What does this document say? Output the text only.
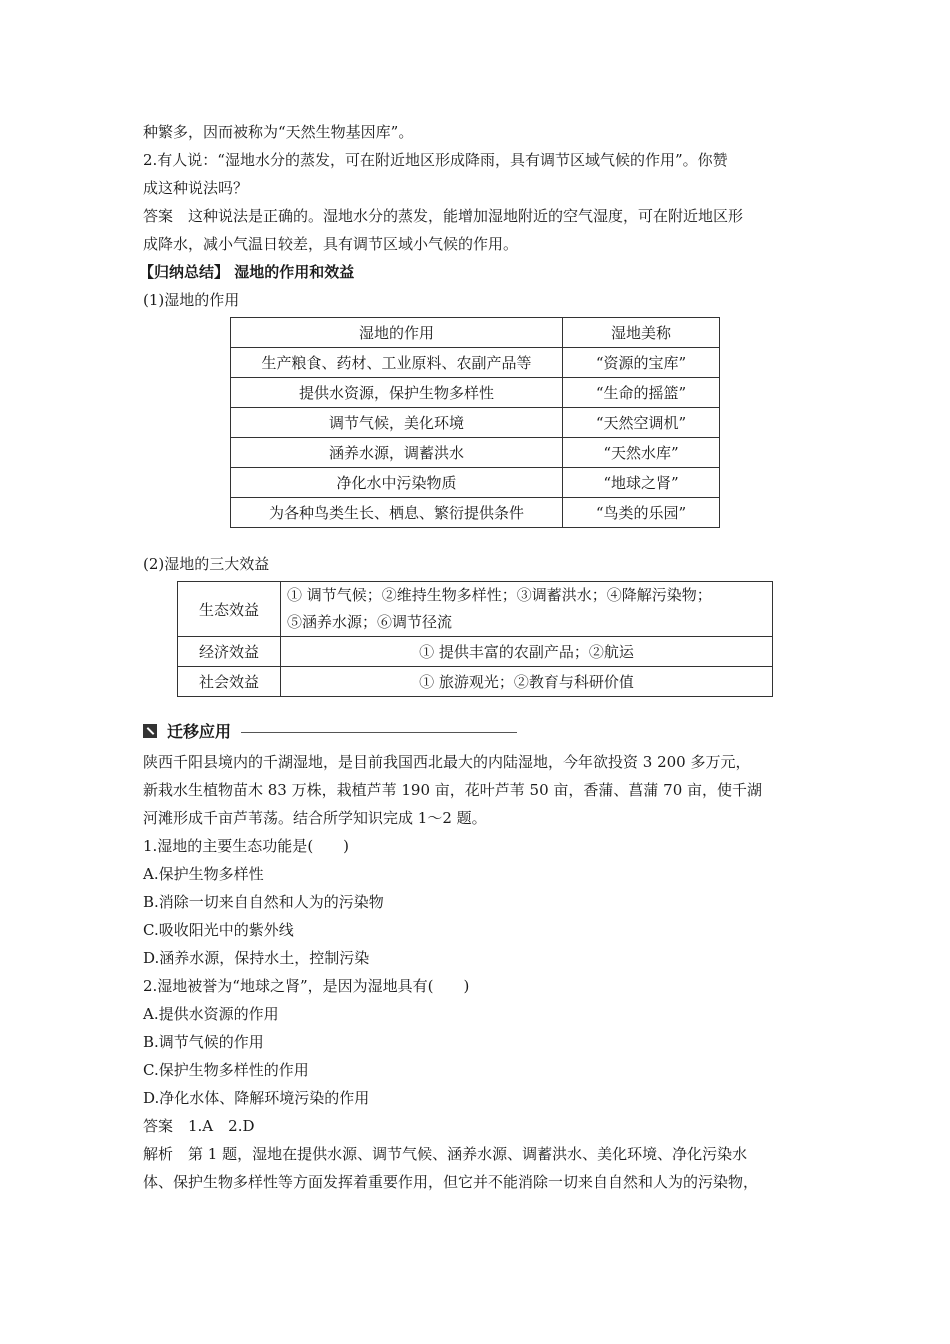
种繁多，因而被称为“天然生物基因库”。

2.有人说：“湿地水分的蒸发，可在附近地区形成降雨，具有调节区域气候的作用”。你赞

成这种说法吗？

答案　这种说法是正确的。湿地水分的蒸发，能增加湿地附近的空气湿度，可在附近地区形

成降水，减小气温日较差，具有调节区域小气候的作用。

【归纳总结】 湿地的作用和效益

(1)湿地的作用

湿地的作用	湿地美称
生产粮食、药材、工业原料、农副产品等	“资源的宝库”
提供水资源，保护生物多样性	“生命的摇篮”
调节气候，美化环境	“天然空调机”
涵养水源，调蓄洪水	“天然水库”
净化水中污染物质	“地球之肾”
为各种鸟类生长、栖息、繁衍提供条件	“鸟类的乐园”

(2)湿地的三大效益

生态效益	① 调节气候；②维持生物多样性；③调蓄洪水；④降解污染物；
⑤涵养水源；⑥调节径流

经济效益	① 提供丰富的农副产品；②航运
社会效益	① 旅游观光；②教育与科研价值
迁移应用

陕西千阳县境内的千湖湿地，是目前我国西北最大的内陆湿地，今年欲投资 3 200 多万元，

新栽水生植物苗木 83 万株，栽植芦苇 190 亩，花叶芦苇 50 亩，香蒲、菖蒲 70 亩，使千湖

河滩形成千亩芦苇荡。结合所学知识完成 1～2 题。

1.湿地的主要生态功能是(　　)

A.保护生物多样性

B.消除一切来自自然和人为的污染物

C.吸收阳光中的紫外线

D.涵养水源，保持水土，控制污染

2.湿地被誉为“地球之肾”，是因为湿地具有(　　)

A.提供水资源的作用

B.调节气候的作用

C.保护生物多样性的作用

D.净化水体、降解环境污染的作用

答案　1.A　2.D

解析　第 1 题，湿地在提供水源、调节气候、涵养水源、调蓄洪水、美化环境、净化污染水

体、保护生物多样性等方面发挥着重要作用，但它并不能消除一切来自自然和人为的污染物，
